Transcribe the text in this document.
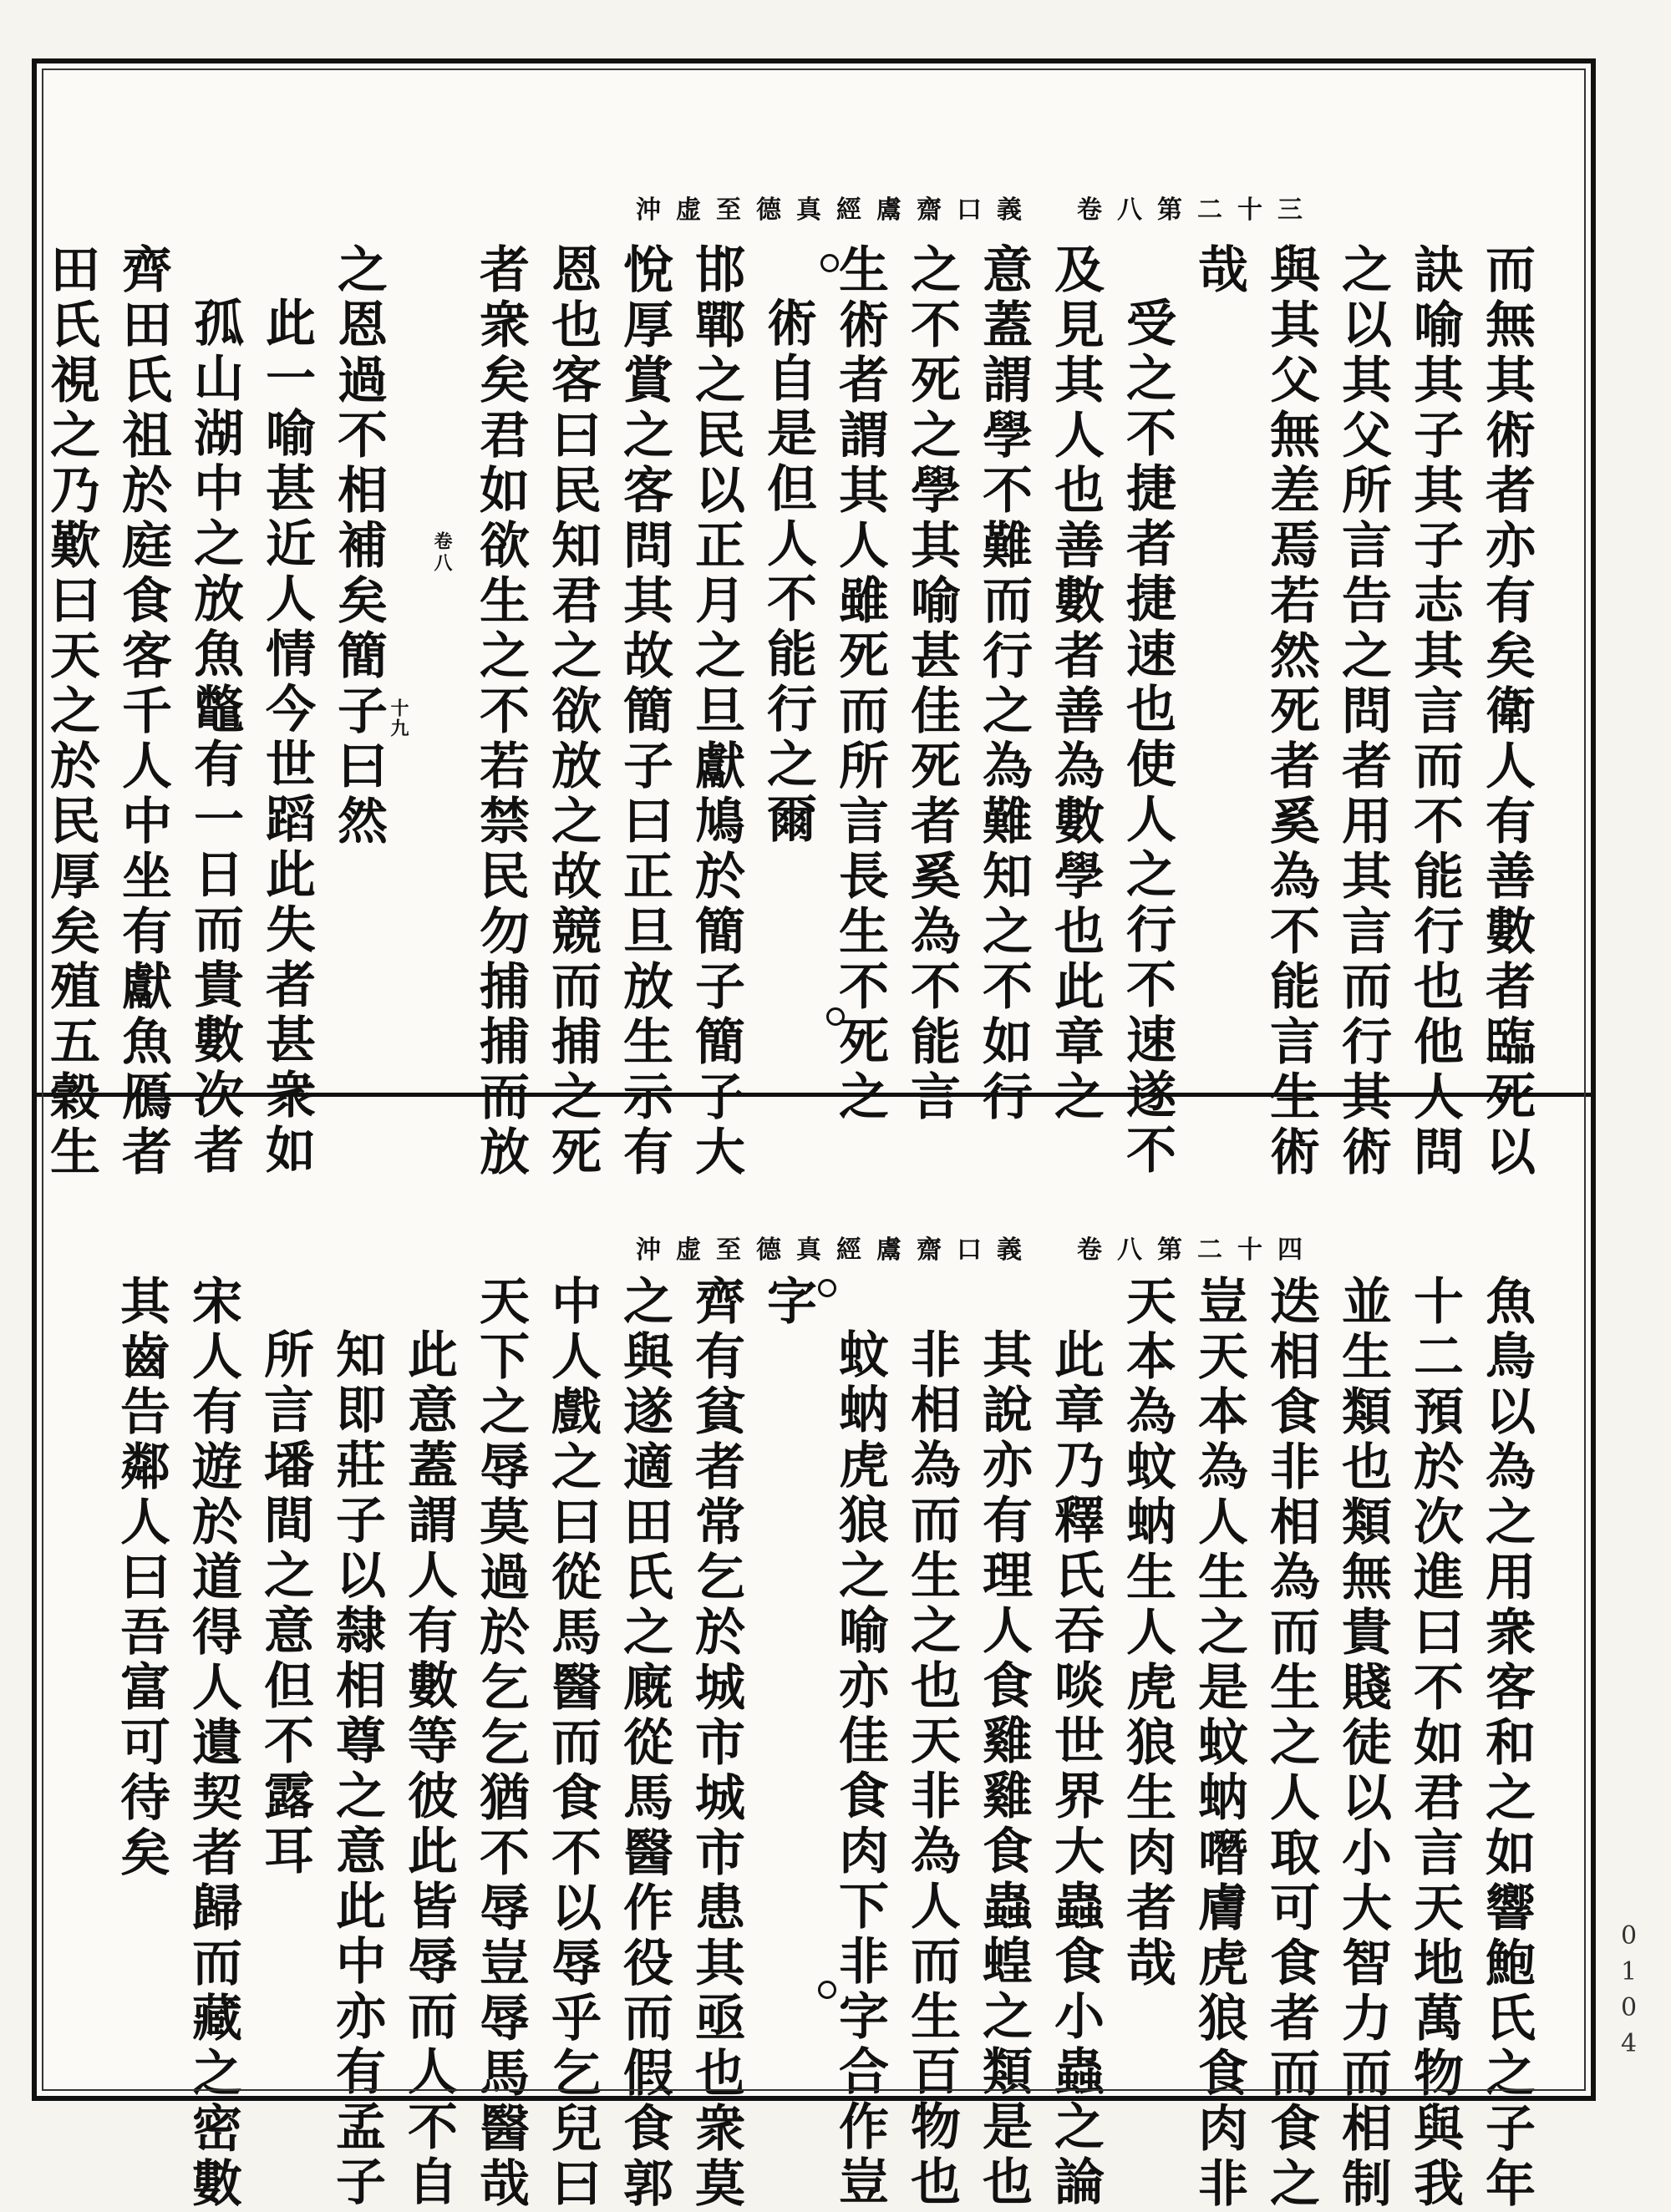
沖虚至德真經鬳齋口義　卷八第二十三
而無其術者亦有矣衛人有善數者臨死以
訣喻其子其子志其言而不能行也他人問
之以其父所言告之問者用其言而行其術
與其父無差焉若然死者奚為不能言生術
哉
受之不捷者捷速也使人之行不速遂不
及見其人也善數者善為數學也此章之
意蓋謂學不難而行之為難知之不如行
之不死之學其喻甚佳死者奚為不能言
生術者謂其人雖死而所言長生不死之
術自是但人不能行之爾
邯鄲之民以正月之旦獻鳩於簡子簡子大
悅厚賞之客問其故簡子曰正旦放生示有
恩也客曰民知君之欲放之故競而捕之死
者衆矣君如欲生之不若禁民勿捕捕而放
卷八
十九
之恩過不相補矣簡子曰然
此一喻甚近人情今世蹈此失者甚衆如
孤山湖中之放魚鼈有一日而貴數次者
齊田氏祖於庭食客千人中坐有獻魚鴈者
田氏視之乃歎曰天之於民厚矣殖五穀生
沖虚至德真經鬳齋口義　卷八第二十四
魚鳥以為之用衆客和之如響鮑氏之子年
十二預於次進曰不如君言天地萬物與我
並生類也類無貴賤徒以小大智力而相制
迭相食非相為而生之人取可食者而食之
豈天本為人生之是蚊蚋噆膚虎狼食肉非
天本為蚊蚋生人虎狼生肉者哉
此章乃釋氏吞啖世界大蟲食小蟲之論
其說亦有理人食雞雞食蟲蝗之類是也
非相為而生之也天非為人而生百物也
蚊蚋虎狼之喻亦佳食肉下非字合作豈
字
齊有貧者常乞於城市城市患其亟也衆莫
之與遂適田氏之廐從馬醫作役而假食郭
中人戲之曰從馬醫而食不以辱乎乞兒曰
天下之辱莫過於乞乞猶不辱豈辱馬醫哉
此意蓋謂人有數等彼此皆辱而人不自
知即莊子以隸相尊之意此中亦有孟子
所言墦間之意但不露耳
宋人有遊於道得人遺契者歸而藏之密數
其齒告鄰人曰吾富可待矣
0104
